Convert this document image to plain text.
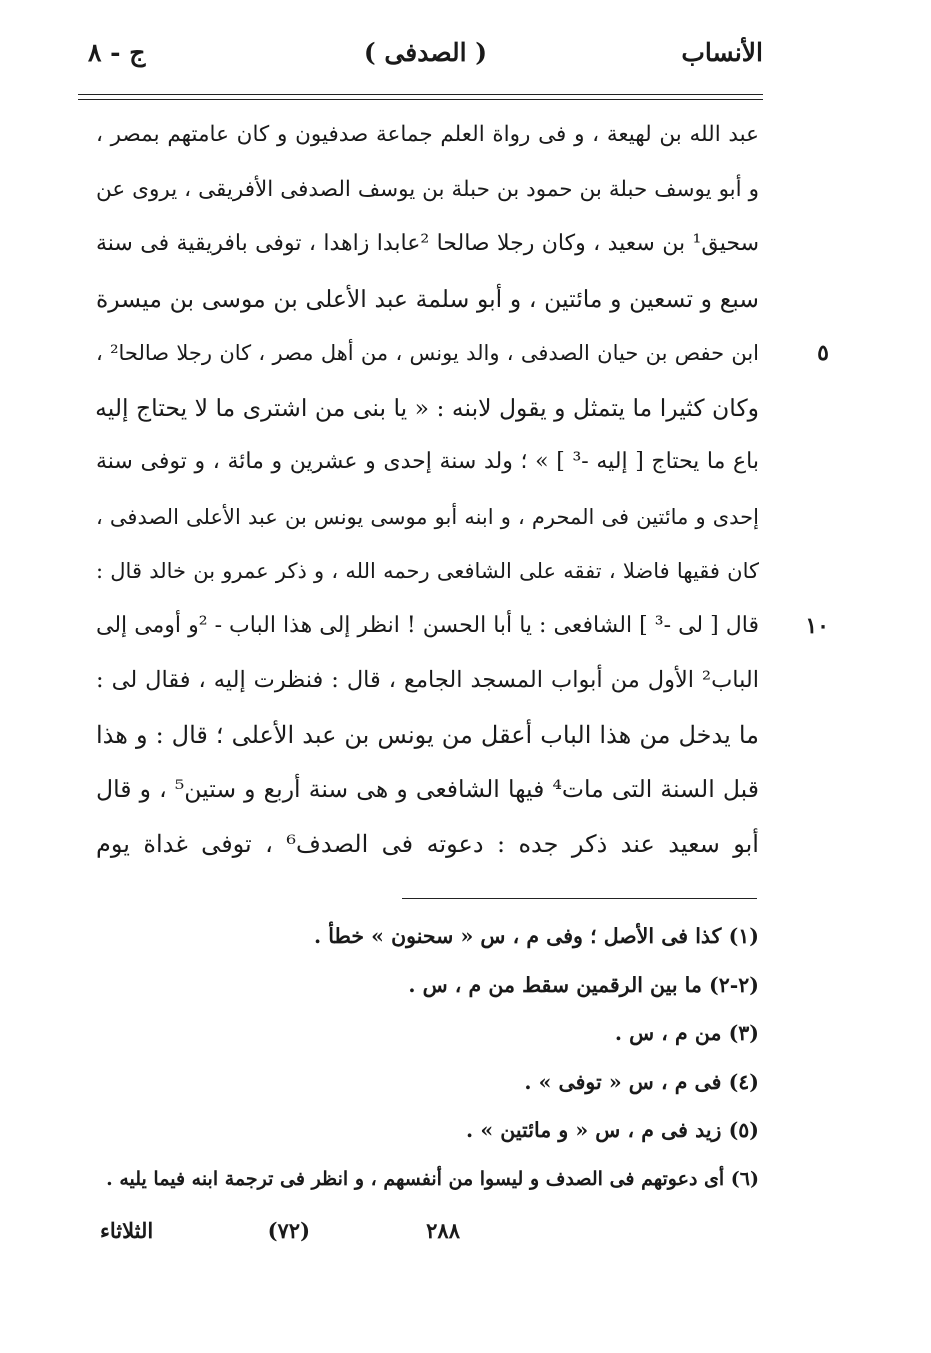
الأنساب
( الصدفى )
ج - ٨
عبد الله بن لهيعة ، و فى رواة العلم جماعة صدفيون و كان عامتهم بمصر ،
و أبو يوسف حبلة بن حمود بن حبلة بن يوسف الصدفى الأفريقى ، يروى عن
سحيق¹ بن سعيد ، وكان رجلا صالحا ²عابدا زاهدا ، توفى بافريقية فى سنة
سبع و تسعين و مائتين ، و أبو سلمة عبد الأعلى بن موسى بن ميسرة
٥
ابن حفص بن حيان الصدفى ، والد يونس ، من أهل مصر ، كان رجلا صالحا² ،
وكان كثيرا ما يتمثل و يقول لابنه : « يا بنى من اشترى ما لا يحتاج إليه
باع ما يحتاج [ إليه -³ ] » ؛ ولد سنة إحدى و عشرين و مائة ، و توفى سنة
إحدى و مائتين فى المحرم ، و ابنه أبو موسى يونس بن عبد الأعلى الصدفى ،
كان فقيها فاضلا ، تفقه على الشافعى رحمه الله ، و ذكر عمرو بن خالد قال :
١٠
قال [ لى -³ ] الشافعى : يا أبا الحسن ! انظر إلى هذا الباب - ²و أومى إلى
الباب² الأول من أبواب المسجد الجامع ، قال : فنظرت إليه ، فقال لى :
ما يدخل من هذا الباب أعقل من يونس بن عبد الأعلى ؛ قال : و هذا
قبل السنة التى مات⁴ فيها الشافعى و هى سنة أربع و ستين⁵ ، و قال
أبو سعيد عند ذكر جده : دعوته فى الصدف⁶ ، توفى غداة يوم
(١) كذا فى الأصل ؛ وفى م ، س « سحنون » خطأ .
(٢-٢) ما بين الرقمين سقط من م ، س .
(٣) من م ، س .
(٤) فى م ، س « توفى » .
(٥) زيد فى م ، س « و مائتين » .
(٦) أى دعوتهم فى الصدف و ليسوا من أنفسهم ، و انظر فى ترجمة ابنه فيما يليه .
٢٨٨
(٧٢)
الثلاثاء
